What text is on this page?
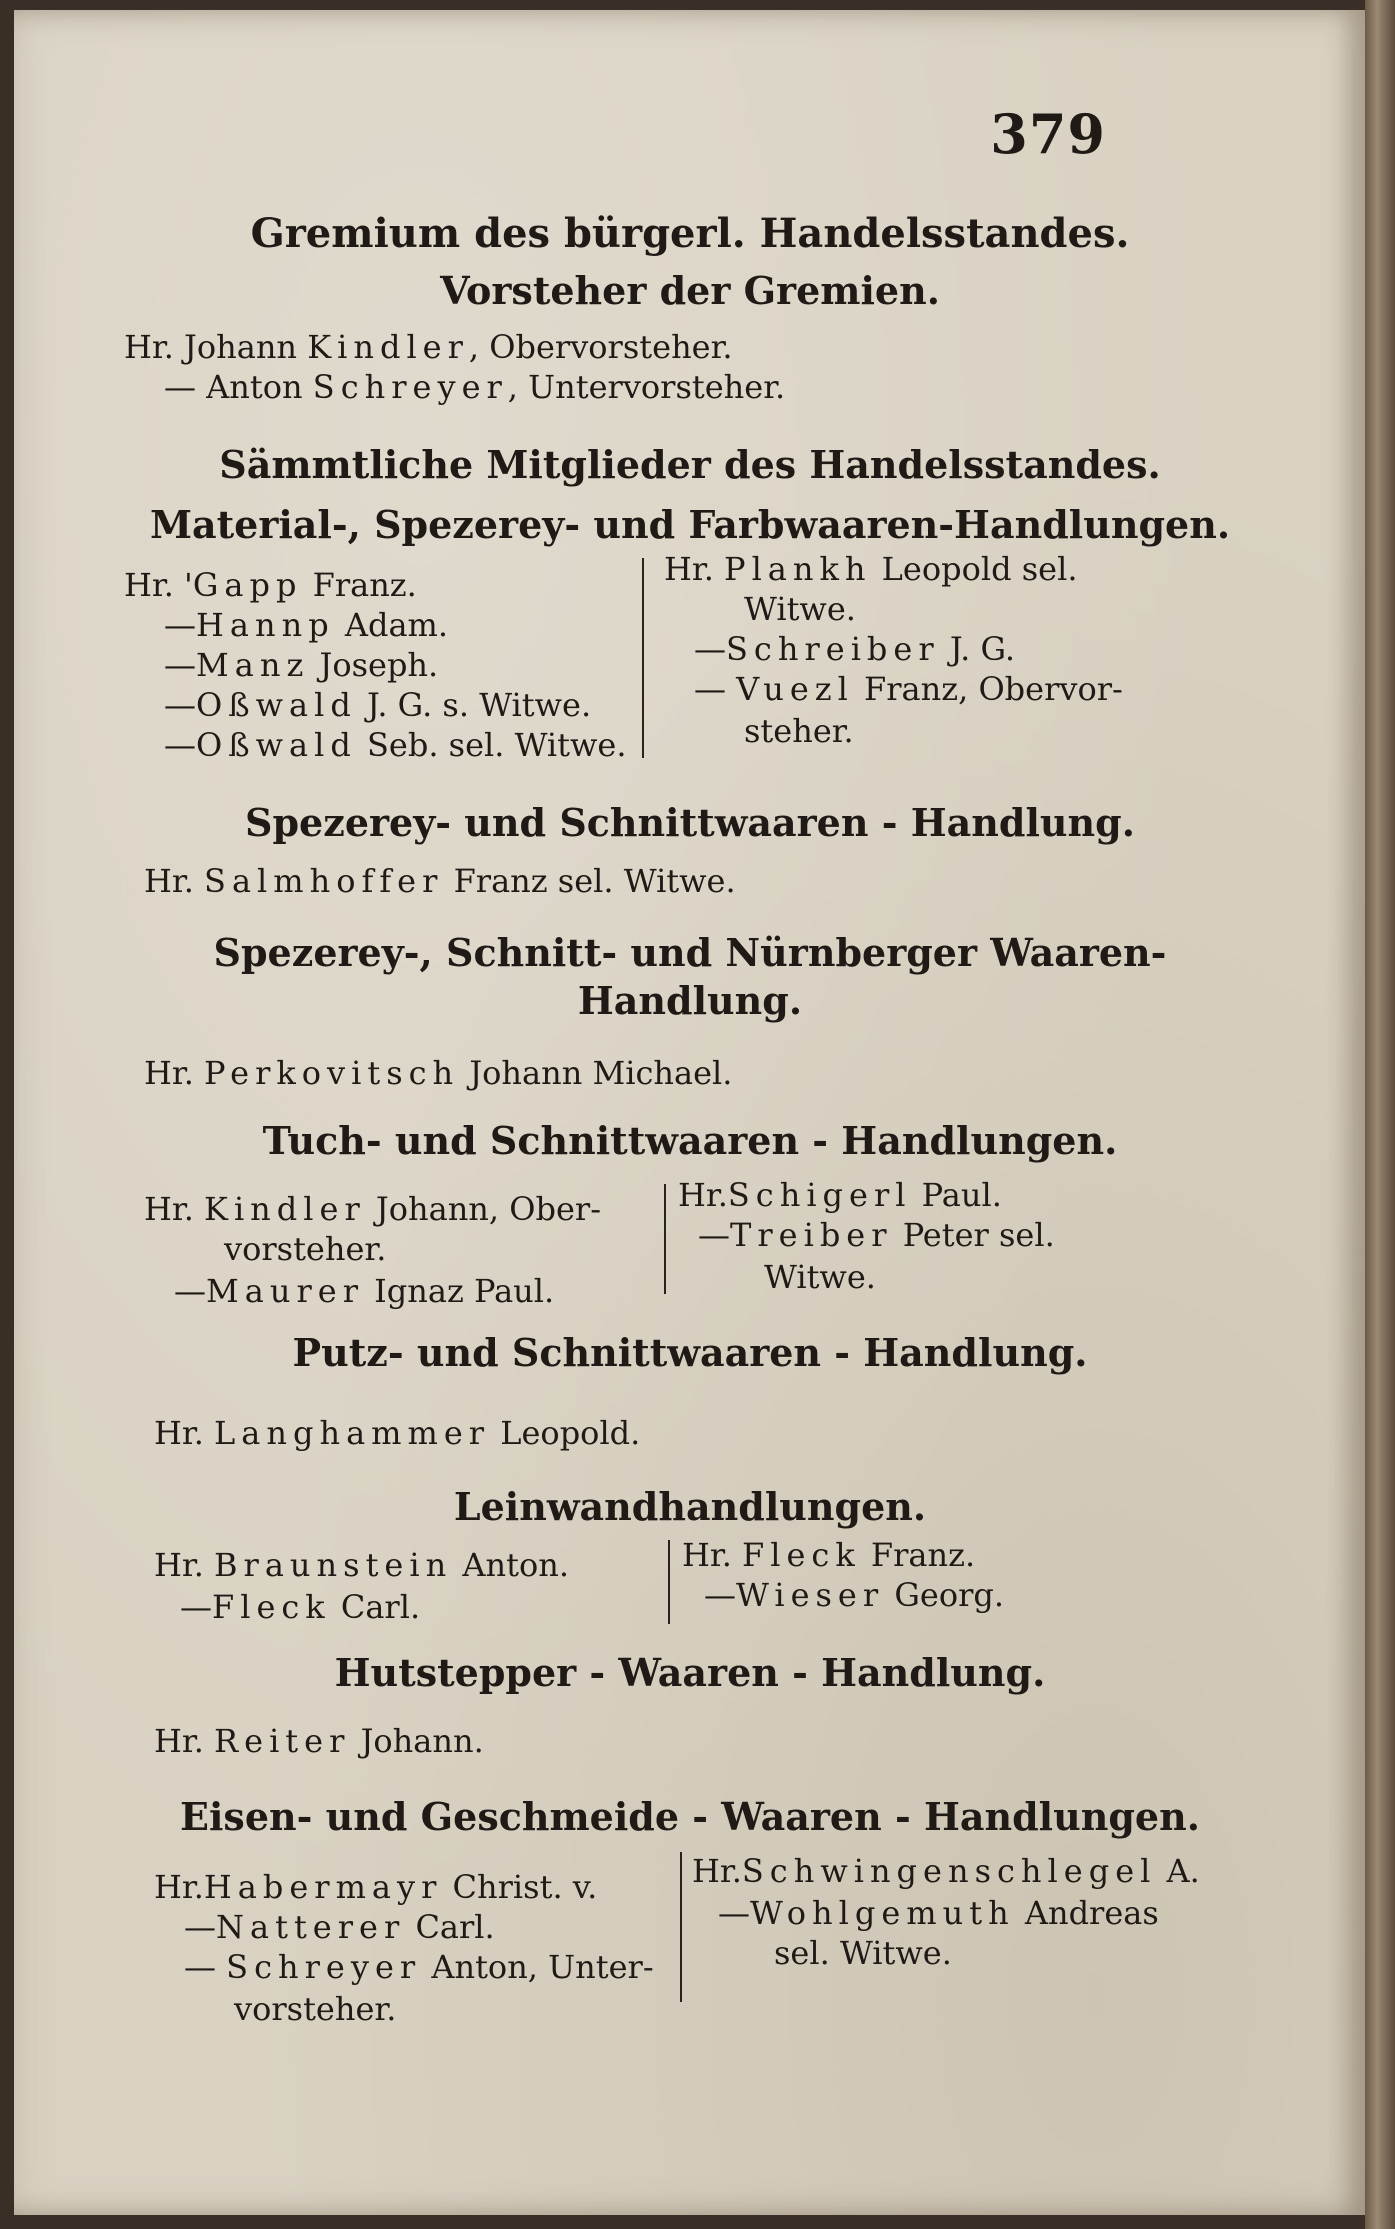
379
Gremium des bürgerl. Handelsstandes.
Vorsteher der Gremien.
Hr. Johann Kindler, Obervorsteher.
— Anton Schreyer, Untervorsteher.
Sämmtliche Mitglieder des Handelsstandes.
Material-, Spezerey- und Farbwaaren-Handlungen.
Hr. 'Gapp Franz.
—Hannp Adam.
—Manz Joseph.
—Oßwald J. G. s. Witwe.
—Oßwald Seb. sel. Witwe.
Hr. Plankh Leopold sel.
Witwe.
—Schreiber J. G.
— Vuezl Franz, Obervor-
steher.
Spezerey- und Schnittwaaren - Handlung.
Hr. Salmhoffer Franz sel. Witwe.
Spezerey-, Schnitt- und Nürnberger Waaren-
Handlung.
Hr. Perkovitsch Johann Michael.
Tuch- und Schnittwaaren - Handlungen.
Hr. Kindler Johann, Ober-
vorsteher.
—Maurer Ignaz Paul.
Hr.Schigerl Paul.
—Treiber Peter sel.
Witwe.
Putz- und Schnittwaaren - Handlung.
Hr. Langhammer Leopold.
Leinwandhandlungen.
Hr. Braunstein Anton.
—Fleck Carl.
Hr. Fleck Franz.
—Wieser Georg.
Hutstepper - Waaren - Handlung.
Hr. Reiter Johann.
Eisen- und Geschmeide - Waaren - Handlungen.
Hr.Habermayr Christ. v.
—Natterer Carl.
— Schreyer Anton, Unter-
vorsteher.
Hr.Schwingenschlegel A.
—Wohlgemuth Andreas
sel. Witwe.
